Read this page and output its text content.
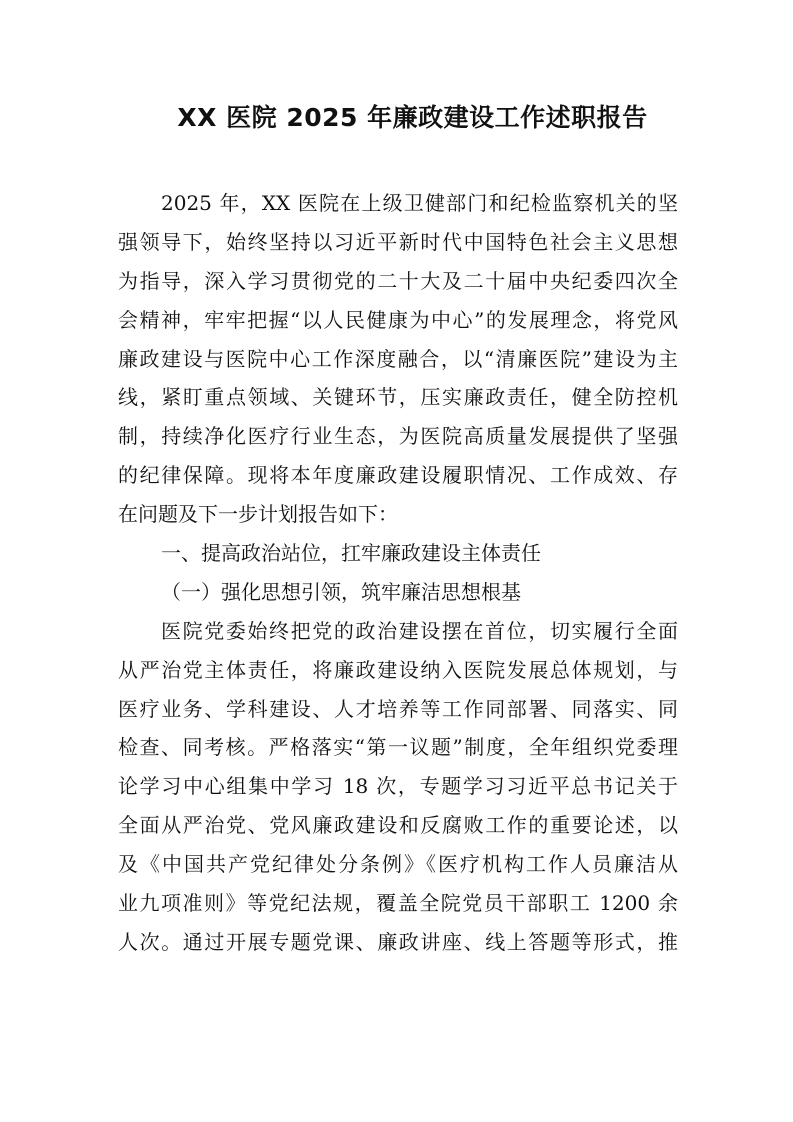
XX 医院 2025 年廉政建设工作述职报告
2025 年，XX 医院在上级卫健部门和纪检监察机关的坚
强领导下，始终坚持以习近平新时代中国特色社会主义思想
为指导，深入学习贯彻党的二十大及二十届中央纪委四次全
会精神，牢牢把握“以人民健康为中心”的发展理念，将党风
廉政建设与医院中心工作深度融合，以“清廉医院”建设为主
线，紧盯重点领域、关键环节，压实廉政责任，健全防控机
制，持续净化医疗行业生态，为医院高质量发展提供了坚强
的纪律保障。现将本年度廉政建设履职情况、工作成效、存
在问题及下一步计划报告如下：
一、提高政治站位，扛牢廉政建设主体责任
（一）强化思想引领，筑牢廉洁思想根基
医院党委始终把党的政治建设摆在首位，切实履行全面
从严治党主体责任，将廉政建设纳入医院发展总体规划，与
医疗业务、学科建设、人才培养等工作同部署、同落实、同
检查、同考核。严格落实“第一议题”制度，全年组织党委理
论学习中心组集中学习 18 次，专题学习习近平总书记关于
全面从严治党、党风廉政建设和反腐败工作的重要论述，以
及《中国共产党纪律处分条例》《医疗机构工作人员廉洁从
业九项准则》等党纪法规，覆盖全院党员干部职工 1200 余
人次。通过开展专题党课、廉政讲座、线上答题等形式，推
